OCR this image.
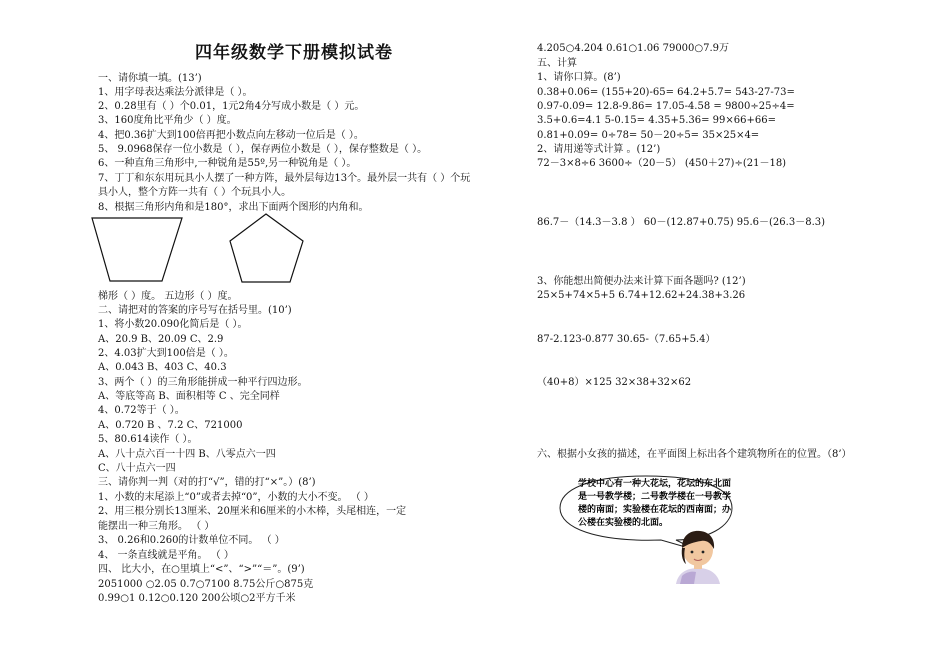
四年级数学下册模拟试卷
一、请你填一填。(13’)
1、用字母表达乘法分派律是（ ）。
2、0.28里有（ ）个0.01，1元2角4分写成小数是（ ）元。
3、160度角比平角少（ ）度。
4、把0.36扩大到100倍再把小数点向左移动一位后是（ ）。
5、 9.0968保存一位小数是（ ），保存两位小数是（ ），保存整数是（ ）。
6、一种直角三角形中,一种锐角是55º,另一种锐角是（ ）。
7、丁丁和东东用玩具小人摆了一种方阵，最外层每边13个。最外层一共有（ ）个玩
具小人，整个方阵一共有（ ）个玩具小人。
8、根据三角形内角和是180°，求出下面两个图形的内角和。
梯形（ ）度。 五边形（ ）度。
二、请把对的答案的序号写在括号里。(10’)
1、将小数20.090化简后是（ ）。
A、20.9 B、20.09 C、2.9
2、4.03扩大到100倍是（ ）。
A、0.043 B、403 C、40.3
3、两个（ ）的三角形能拼成一种平行四边形。
A、等底等高 B、面积相等 C 、完全同样
4、0.72等于（ ）。
A、0.720 B 、7.2 C、721000
5、80.614读作（ ）。
A、八十点六百一十四 B、八零点六一四
C、八十点六一四
三、请你判一判（对的打“√”，错的打“×”。）(8’)
1、小数的末尾添上“0”或者去掉“0”，小数的大小不变。 （ ）
2、用三根分别长13厘米、20厘米和6厘米的小木棒，头尾相连，一定
能摆出一种三角形。 （ ）
3、 0.26和0.260的计数单位不同。 （ ）
4、 一条直线就是平角。 （ ）
四、 比大小，在○里填上“<”、“>”“＝”。(9’)
2051000 ○2.05 0.7○7100 8.75公斤○875克
0.99○1 0.12○0.120 200公顷○2平方千米
4.205○4.204 0.61○1.06 79000○7.9万
五、计算
1、请你口算。(8’)
0.38+0.06= (155+20)-65= 64.2+5.7= 543-27-73=
0.97-0.09= 12.8-9.86= 17.05-4.58 = 9800÷25÷4=
3.5+0.6=4.1 5-0.15= 4.35+5.36= 99×66+66=
0.81+0.09= 0÷78= 50－20÷5= 35×25×4=
2、请用递等式计算 。(12’)
72－3×8÷6 3600÷（20－5） (450＋27)÷(21－18)
86.7－（14.3－3.8 ） 60－(12.87+0.75) 95.6－(26.3－8.3)
3、你能想出简便办法来计算下面各题吗? (12’)
25×5+74×5+5 6.74+12.62+24.38+3.26
87-2.123-0.877 30.65-（7.65+5.4）
（40+8）×125 32×38+32×62
六、根据小女孩的描述，在平面图上标出各个建筑物所在的位置。（8’）
学校中心有一种大花坛，花坛的东北面是一号教学楼；二号教学楼在一号教学楼的南面；实验楼在花坛的西南面；办公楼在实验楼的北面。
